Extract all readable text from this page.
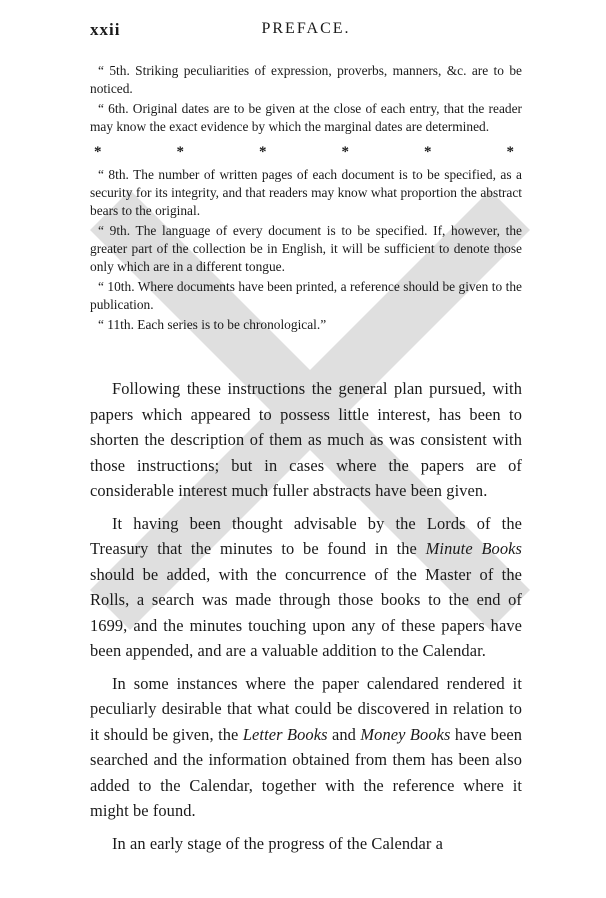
xxii	PREFACE.

“ 5th. Striking peculiarities of expression, proverbs, manners, &c. are to be noticed.

“ 6th. Original dates are to be given at the close of each entry, that the reader may know the exact evidence by which the marginal dates are determined.

*	*	*	*	*	*

“ 8th. The number of written pages of each document is to be specified, as a security for its integrity, and that readers may know what proportion the abstract bears to the original.

“ 9th. The language of every document is to be specified. If, however, the greater part of the collection be in English, it will be sufficient to denote those only which are in a different tongue.

“ 10th. Where documents have been printed, a reference should be given to the publication.

“ 11th. Each series is to be chronological.”

Following these instructions the general plan pursued, with papers which appeared to possess little interest, has been to shorten the description of them as much as was consistent with those instructions; but in cases where the papers are of considerable interest much fuller abstracts have been given.

It having been thought advisable by the Lords of the Treasury that the minutes to be found in the Minute Books should be added, with the concurrence of the Master of the Rolls, a search was made through those books to the end of 1699, and the minutes touching upon any of these papers have been appended, and are a valuable addition to the Calendar.

In some instances where the paper calendared rendered it peculiarly desirable that what could be discovered in relation to it should be given, the Letter Books and Money Books have been searched and the information obtained from them has been also added to the Calendar, together with the reference where it might be found.

In an early stage of the progress of the Calendar a
